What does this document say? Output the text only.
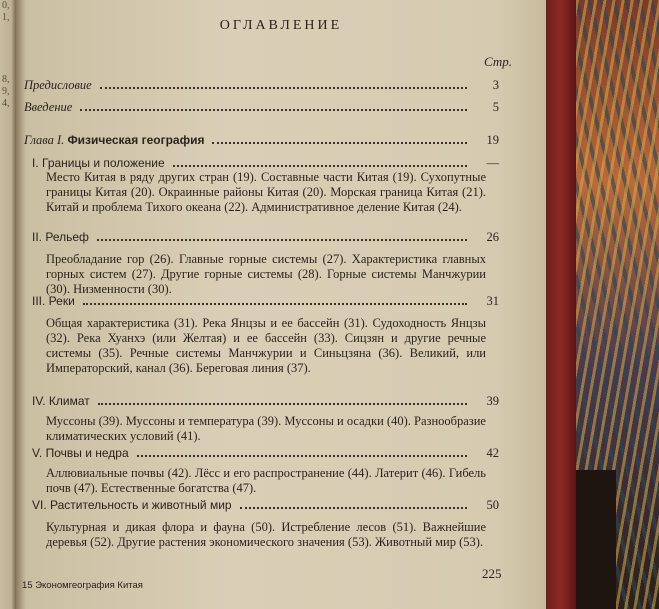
0,
1,
8,
9,
4,
ОГЛАВЛЕНИЕ
Стр.
Предисловие	3
Введение	5
Глава I. Физическая география	19
I. Границы и положение	—
Место Китая в ряду других стран (19). Составные части Китая (19). Сухопутные границы Китая (20). Окраинные районы Китая (20). Морская граница Китая (21). Китай и проблема Тихого океана (22). Административное деление Китая (24).
II. Рельеф	26
Преобладание гор (26). Главные горные системы (27). Характеристика главных горных систем (27). Другие горные системы (28). Горные системы Манчжурии (30). Низменности (30).
III. Реки	31
Общая характеристика (31). Река Янцзы и ее бассейн (31). Судоходность Янцзы (32). Река Хуанхэ (или Желтая) и ее бассейн (33). Сицзян и другие речные системы (35). Речные системы Манчжурии и Синьцзяна (36). Великий, или Императорский, канал (36). Береговая линия (37).
IV. Климат	39
Муссоны (39). Муссоны и температура (39). Муссоны и осадки (40). Разнообразие климатических условий (41).
V. Почвы и недра	42
Аллювиальные почвы (42). Лёсс и его распространение (44). Латерит (46). Гибель почв (47). Естественные богатства (47).
VI. Растительность и животный мир	50
Культурная и дикая флора и фауна (50). Истребление лесов (51). Важнейшие деревья (52). Другие растения экономического значения (53). Животный мир (53).
225
15 Экономгеография Китая
